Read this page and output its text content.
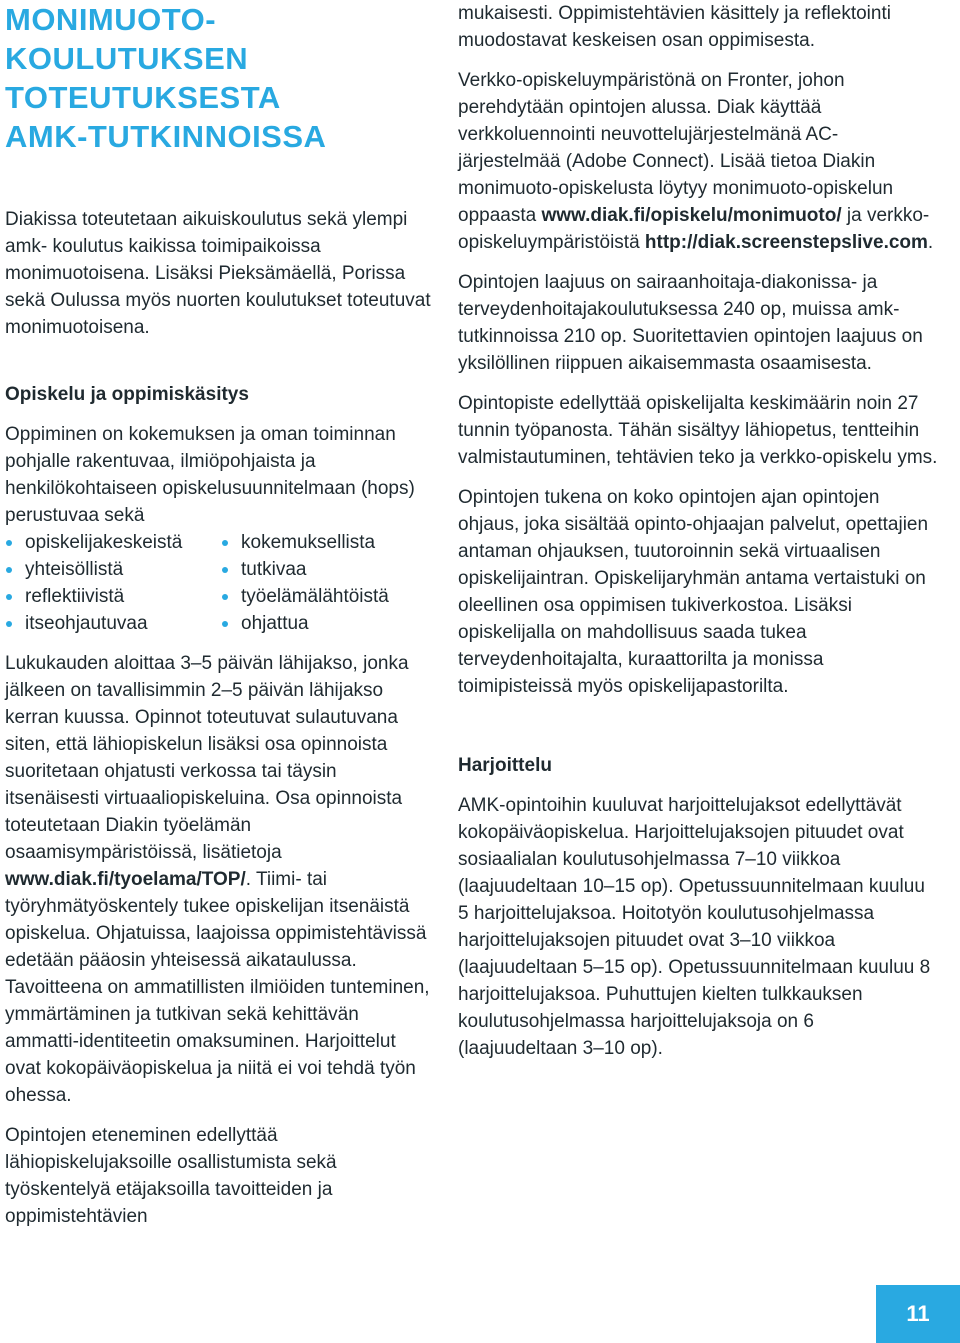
MONIMUOTO-
KOULUTUKSEN
TOTEUTUKSESTA
AMK-TUTKINNOISSA

Diakissa toteutetaan aikuiskoulutus sekä ylempi amk- koulutus kaikissa toimipaikoissa monimuotoisena. Lisäksi Pieksämäellä, Porissa sekä Oulussa myös nuorten koulutukset toteutuvat monimuotoisena.

Opiskelu ja oppimiskäsitys

Oppiminen on kokemuksen ja oman toiminnan pohjalle rakentuvaa, ilmiöpohjaista ja henkilökohtaiseen opiskelusuunnitelmaan (hops) perustuvaa sekä

opiskelijakeskeistä	kokemuksellista
yhteisöllistä	tutkivaa
reflektiivistä	työelämälähtöistä
itseohjautuvaa	ohjattua

Lukukauden aloittaa 3–5 päivän lähijakso, jonka jälkeen on tavallisimmin 2–5 päivän lähijakso kerran kuussa. Opinnot toteutuvat sulautuvana siten, että lähiopiskelun lisäksi osa opinnoista suoritetaan ohjatusti verkossa tai täysin itsenäisesti virtuaaliopiskeluina. Osa opinnoista toteutetaan Diakin työelämän osaamisympäristöissä, lisätietoja www.diak.fi/tyoelama/TOP/. Tiimi- tai työryhmätyöskentely tukee opiskelijan itsenäistä opiskelua. Ohjatuissa, laajoissa oppimistehtävissä edetään pääosin yhteisessä aikataulussa. Tavoitteena on ammatillisten ilmiöiden tunteminen, ymmärtäminen ja tutkivan sekä kehittävän ammatti-identiteetin omaksuminen. Harjoittelut ovat kokopäiväopiskelua ja niitä ei voi tehdä työn ohessa.

Opintojen eteneminen edellyttää lähiopiskelujaksoille osallistumista sekä työskentelyä etäjaksoilla tavoitteiden ja oppimistehtävien

mukaisesti. Oppimistehtävien käsittely ja reflektointi muodostavat keskeisen osan oppimisesta.

Verkko-opiskeluympäristönä on Fronter, johon perehdytään opintojen alussa. Diak käyttää verkkoluennointi neuvottelujärjestelmänä AC-järjestelmää (Adobe Connect). Lisää tietoa Diakin monimuoto-opiskelusta löytyy monimuoto-opiskelun oppaasta www.diak.fi/opiskelu/monimuoto/ ja verkko-opiskeluympäristöistä http://diak.screenstepslive.com.

Opintojen laajuus on sairaanhoitaja-diakonissa- ja terveydenhoitajakoulutuksessa 240 op, muissa amk-tutkinnoissa 210 op. Suoritettavien opintojen laajuus on yksilöllinen riippuen aikaisemmasta osaamisesta.

Opintopiste edellyttää opiskelijalta keskimäärin noin 27 tunnin työpanosta. Tähän sisältyy lähiopetus, tentteihin valmistautuminen, tehtävien teko ja verkko-opiskelu yms.

Opintojen tukena on koko opintojen ajan opintojen ohjaus, joka sisältää opinto-ohjaajan palvelut, opettajien antaman ohjauksen, tuutoroinnin sekä virtuaalisen opiskelijaintran. Opiskelijaryhmän antama vertaistuki on oleellinen osa oppimisen tukiverkostoa. Lisäksi opiskelijalla on mahdollisuus saada tukea terveydenhoitajalta, kuraattorilta ja monissa toimipisteissä myös opiskelijapastorilta.

Harjoittelu

AMK-opintoihin kuuluvat harjoittelujaksot edellyttävät kokopäiväopiskelua. Harjoittelujaksojen pituudet ovat sosiaalialan koulutusohjelmassa 7–10 viikkoa (laajuudeltaan 10–15 op). Opetussuunnitelmaan kuuluu 5 harjoittelujaksoa. Hoitotyön koulutusohjelmassa harjoittelujaksojen pituudet ovat 3–10 viikkoa (laajuudeltaan 5–15 op). Opetussuunnitelmaan kuuluu 8 harjoittelujaksoa. Puhuttujen kielten tulkkauksen koulutusohjelmassa harjoittelujaksoja on 6 (laajuudeltaan 3–10 op).

11
